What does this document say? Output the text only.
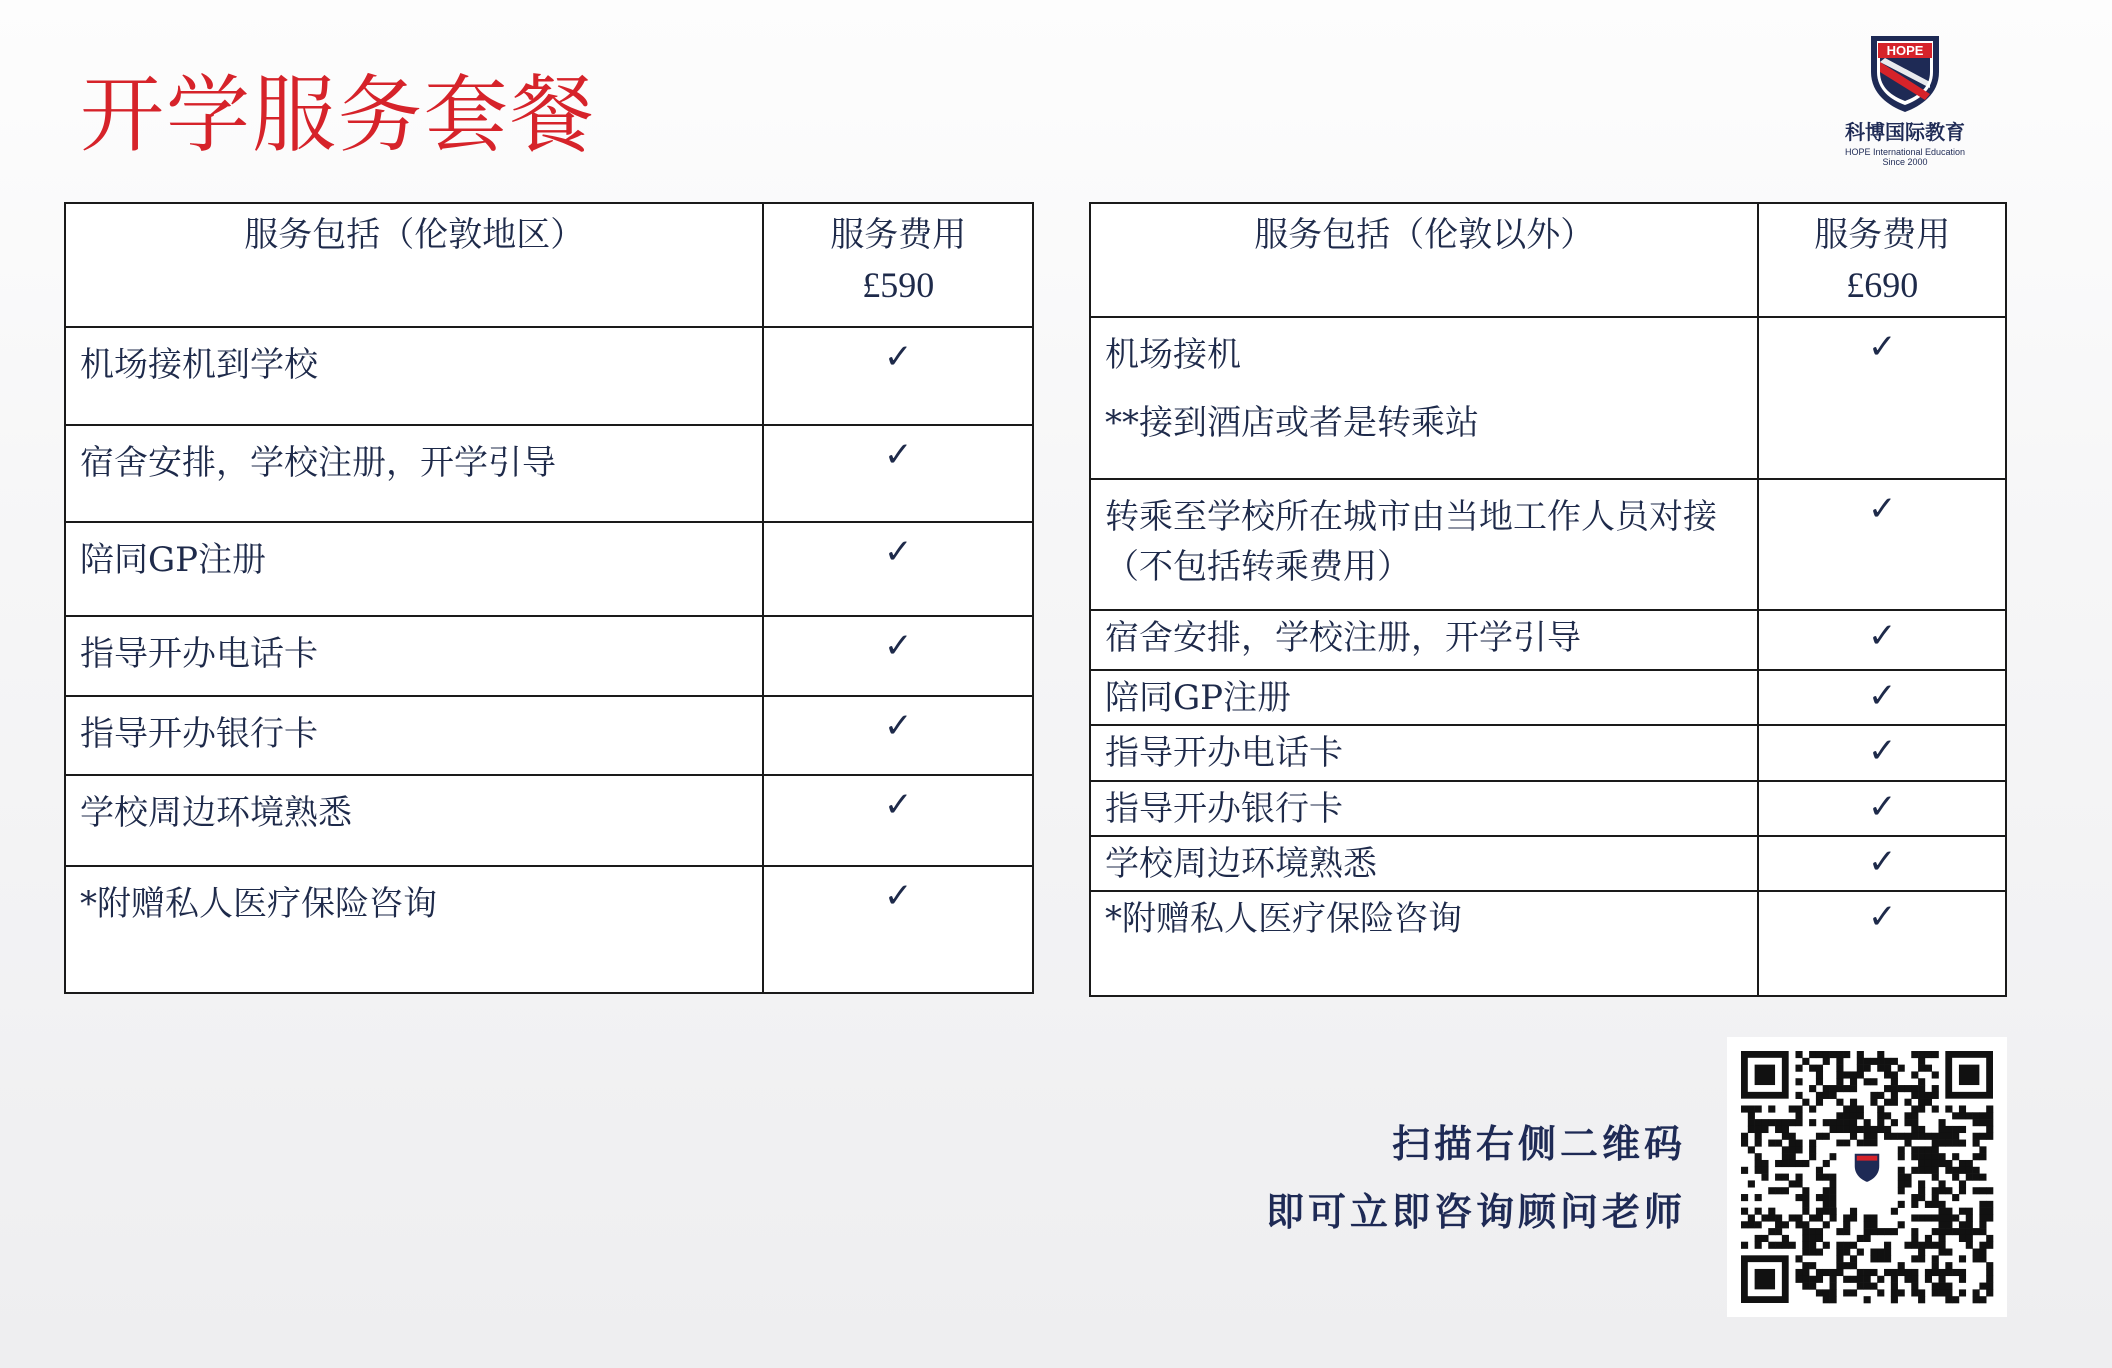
开学服务套餐
HOPE
科博国际教育
HOPE International Education
Since 2000
服务包括（伦敦地区）	服务费用
£590

机场接机到学校	✓
宿舍安排，学校注册，开学引导	✓
陪同GP注册	✓
指导开办电话卡	✓
指导开办银行卡	✓
学校周边环境熟悉	✓
*附赠私人医疗保险咨询	✓
服务包括（伦敦以外）	服务费用
£690

机场接机
**接到酒店或者是转乘站	✓
转乘至学校所在城市由当地工作人员对接（不包括转乘费用）	✓
宿舍安排，学校注册，开学引导	✓
陪同GP注册	✓
指导开办电话卡	✓
指导开办银行卡	✓
学校周边环境熟悉	✓
*附赠私人医疗保险咨询	✓
扫描右侧二维码
即可立即咨询顾问老师
